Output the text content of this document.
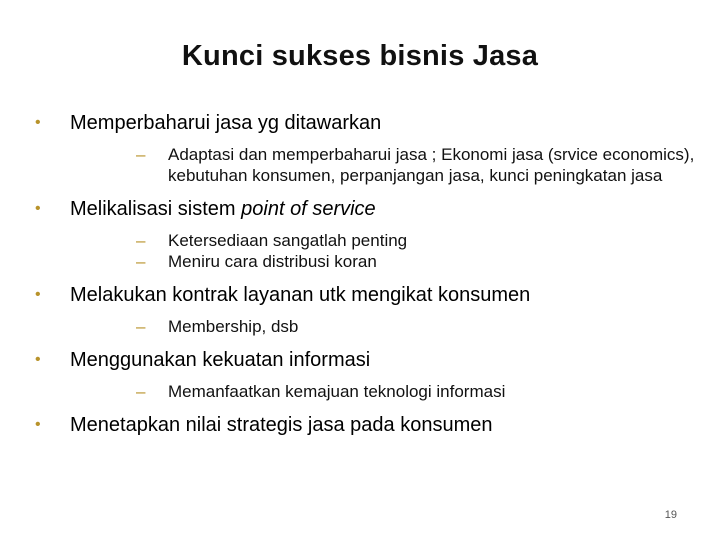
Kunci sukses bisnis Jasa
• Memperbaharui jasa yg ditawarkan
– Adaptasi dan memperbaharui jasa ; Ekonomi jasa (srvice economics), kebutuhan konsumen, perpanjangan jasa, kunci peningkatan jasa
• Melikalisasi sistem point of service
– Ketersediaan sangatlah penting
– Meniru cara distribusi koran
• Melakukan kontrak layanan utk mengikat konsumen
– Membership, dsb
• Menggunakan kekuatan informasi
– Memanfaatkan kemajuan teknologi informasi
• Menetapkan nilai strategis jasa pada konsumen
19
